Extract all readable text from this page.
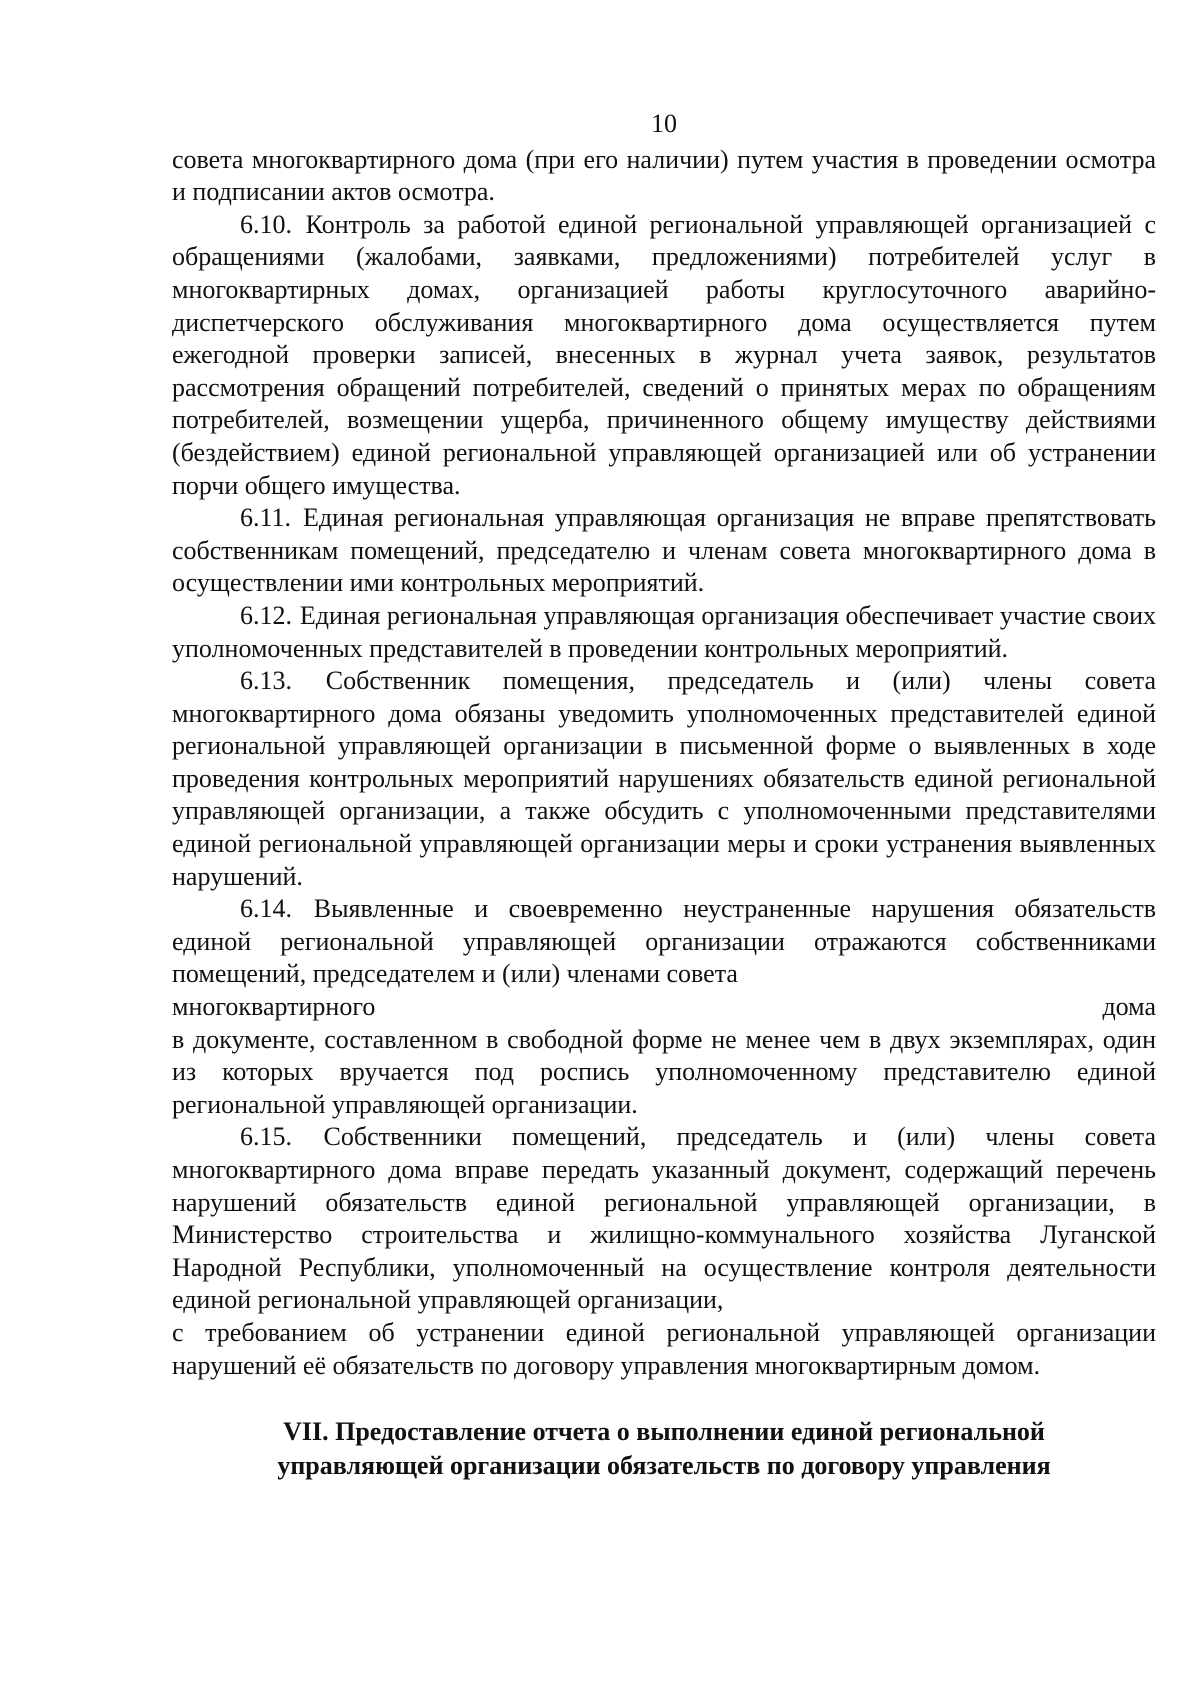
10

совета многоквартирного дома (при его наличии) путем участия в проведении осмотра и подписании актов осмотра.

6.10. Контроль за работой единой региональной управляющей организацией с обращениями (жалобами, заявками, предложениями) потребителей услуг в многоквартирных домах, организацией работы круглосуточного аварийно-диспетчерского обслуживания многоквартирного дома осуществляется путем ежегодной проверки записей, внесенных в журнал учета заявок, результатов рассмотрения обращений потребителей, сведений о принятых мерах по обращениям потребителей, возмещении ущерба, причиненного общему имуществу действиями (бездействием) единой региональной управляющей организацией или об устранении порчи общего имущества.

6.11. Единая региональная управляющая организация не вправе препятствовать собственникам помещений, председателю и членам совета многоквартирного дома в осуществлении ими контрольных мероприятий.

6.12. Единая региональная управляющая организация обеспечивает участие своих уполномоченных представителей в проведении контрольных мероприятий.

6.13. Собственник помещения, председатель и (или) члены совета многоквартирного дома обязаны уведомить уполномоченных представителей единой региональной управляющей организации в письменной форме о выявленных в ходе проведения контрольных мероприятий нарушениях обязательств единой региональной управляющей организации, а также обсудить с уполномоченными представителями единой региональной управляющей организации меры и сроки устранения выявленных нарушений.

6.14. Выявленные и своевременно неустраненные нарушения обязательств единой региональной управляющей организации отражаются собственниками помещений, председателем и (или) членами совета

многоквартирного	дома

в документе, составленном в свободной форме не менее чем в двух экземплярах, один из которых вручается под роспись уполномоченному представителю единой региональной управляющей организации.

6.15. Собственники помещений, председатель и (или) члены совета многоквартирного дома вправе передать указанный документ, содержащий перечень нарушений обязательств единой региональной управляющей организации, в Министерство строительства и жилищно-коммунального хозяйства Луганской Народной Республики, уполномоченный на осуществление контроля деятельности единой региональной управляющей организации,

с требованием об устранении единой региональной управляющей организации нарушений её обязательств по договору управления многоквартирным домом.

VII. Предоставление отчета о выполнении единой региональной
управляющей организации обязательств по договору управления
